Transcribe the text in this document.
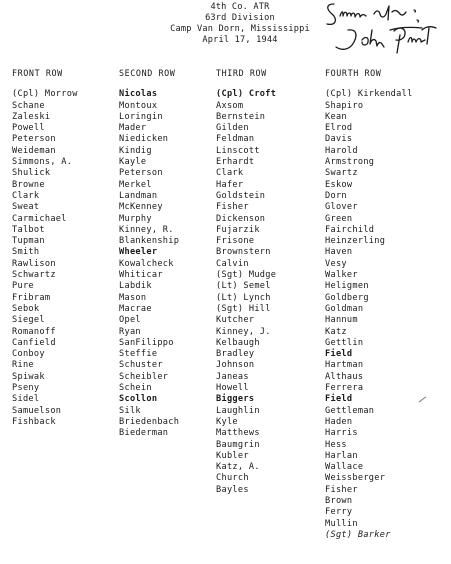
4th Co. ATR
63rd Division
Camp Van Dorn, Mississippi
April 17, 1944
FRONT ROW
(Cpl) Morrow
Schane
Zaleski
Powell
Peterson
Weideman
Simmons, A.
Shulick
Browne
Clark
Sweat
Carmichael
Talbot
Tupman
Smith
Rawlison
Schwartz
Pure
Fribram
Sebok
Siegel
Romanoff
Canfield
Conboy
Rine
Spiwak
Pseny
Sidel
Samuelson
Fishback
SECOND ROW
Nicolas
Montoux
Loringin
Mader
Niedicken
Kindig
Kayle
Peterson
Merkel
Landman
McKenney
Murphy
Kinney, R.
Blankenship
Wheeler
Kowalcheck
Whiticar
Labdik
Mason
Macrae
Opel
Ryan
SanFilippo
Steffie
Schuster
Scheibler
Schein
Scollon
Silk
Briedenbach
Biederman
THIRD ROW
(Cpl) Croft
Axsom
Bernstein
Gilden
Feldman
Linscott
Erhardt
Clark
Hafer
Goldstein
Fisher
Dickenson
Fujarzik
Frisone
Brownstern
Calvin
(Sgt) Mudge
(Lt) Semel
(Lt) Lynch
(Sgt) Hill
Kutcher
Kinney, J.
Kelbaugh
Bradley
Johnson
Janeas
Howell
Biggers
Laughlin
Kyle
Matthews
Baumgrin
Kubler
Katz, A.
Church
Bayles
FOURTH ROW
(Cpl) Kirkendall
Shapiro
Kean
Elrod
Davis
Harold
Armstrong
Swartz
Eskow
Dorn
Glover
Green
Fairchild
Heinzerling
Haven
Vesy
Walker
Heligmen
Goldberg
Goldman
Hannum
Katz
Gettlin
Field
Hartman
Althaus
Ferrera
Field
Gettleman
Haden
Harris
Hess
Harlan
Wallace
Weissberger
Fisher
Brown
Ferry
Mullin
(Sgt) Barker
